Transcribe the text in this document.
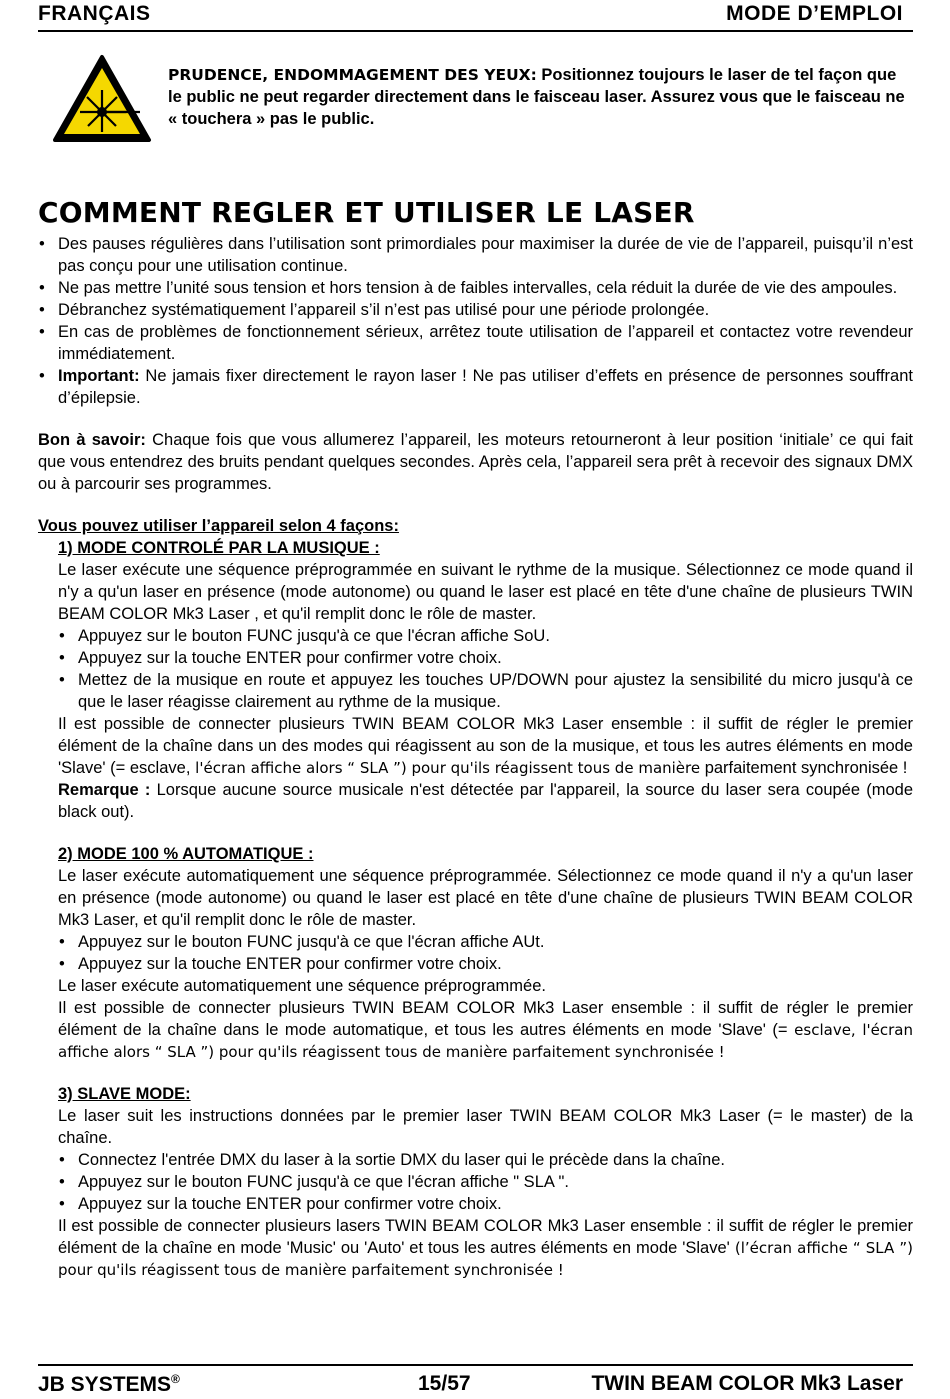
FRANÇAIS	MODE D’EMPLOI
PRUDENCE, ENDOMMAGEMENT DES YEUX: Positionnez toujours le laser de tel façon que le public ne peut regarder directement dans le faisceau laser. Assurez vous que le faisceau ne « touchera » pas le public.
COMMENT REGLER ET UTILISER LE LASER
• Des pauses régulières dans l’utilisation sont primordiales pour maximiser la durée de vie de l’appareil, puisqu’il n’est pas conçu pour une utilisation continue.
• Ne pas mettre l’unité sous tension et hors tension à de faibles intervalles, cela réduit la durée de vie des ampoules.
• Débranchez systématiquement l’appareil s’il n’est pas utilisé pour une période prolongée.
• En cas de problèmes de fonctionnement sérieux, arrêtez toute utilisation de l’appareil et contactez votre revendeur immédiatement.
• Important: Ne jamais fixer directement le rayon laser ! Ne pas utiliser d’effets en présence de personnes souffrant d’épilepsie.
Bon à savoir: Chaque fois que vous allumerez l’appareil, les moteurs retourneront à leur position ‘initiale’ ce qui fait que vous entendrez des bruits pendant quelques secondes. Après cela, l’appareil sera prêt à recevoir des signaux DMX ou à parcourir ses programmes.
Vous pouvez utiliser l’appareil selon 4 façons:
1) MODE CONTROLÉ PAR LA MUSIQUE :
Le laser exécute une séquence préprogrammée en suivant le rythme de la musique. Sélectionnez ce mode quand il n'y a qu'un laser en présence (mode autonome) ou quand le laser est placé en tête d'une chaîne de plusieurs TWIN BEAM COLOR Mk3 Laser , et qu'il remplit donc le rôle de master.
• Appuyez sur le bouton FUNC jusqu'à ce que l'écran affiche SoU.
• Appuyez sur la touche ENTER pour confirmer votre choix.
• Mettez de la musique en route et appuyez les touches UP/DOWN pour ajustez la sensibilité du micro jusqu'à ce que le laser réagisse clairement au rythme de la musique.
Il est possible de connecter plusieurs TWIN BEAM COLOR Mk3 Laser ensemble : il suffit de régler le premier élément de la chaîne dans un des modes qui réagissent au son de la musique, et tous les autres éléments en mode 'Slave' (= esclave, l'écran affiche alors “ SLA ”) pour qu'ils réagissent tous de manière parfaitement synchronisée !
Remarque : Lorsque aucune source musicale n'est détectée par l'appareil, la source du laser sera coupée (mode black out).
2) MODE 100 % AUTOMATIQUE :
Le laser exécute automatiquement une séquence préprogrammée. Sélectionnez ce mode quand il n'y a qu'un laser en présence (mode autonome) ou quand le laser est placé en tête d'une chaîne de plusieurs TWIN BEAM COLOR Mk3 Laser, et qu'il remplit donc le rôle de master.
• Appuyez sur le bouton FUNC jusqu'à ce que l'écran affiche AUt.
• Appuyez sur la touche ENTER pour confirmer votre choix.
Le laser exécute automatiquement une séquence préprogrammée.
Il est possible de connecter plusieurs TWIN BEAM COLOR Mk3 Laser ensemble : il suffit de régler le premier élément de la chaîne dans le mode automatique, et tous les autres éléments en mode 'Slave' (= esclave, l'écran affiche alors “ SLA ”) pour qu'ils réagissent tous de manière parfaitement synchronisée !
3) SLAVE MODE:
Le laser suit les instructions données par le premier laser TWIN BEAM COLOR Mk3 Laser (= le master) de la chaîne.
• Connectez l'entrée DMX du laser à la sortie DMX du laser qui le précède dans la chaîne.
• Appuyez sur le bouton FUNC jusqu'à ce que l'écran affiche " SLA ".
• Appuyez sur la touche ENTER pour confirmer votre choix.
Il est possible de connecter plusieurs lasers TWIN BEAM COLOR Mk3 Laser ensemble : il suffit de régler le premier élément de la chaîne en mode 'Music' ou 'Auto' et tous les autres éléments en mode 'Slave' (l’écran affiche “ SLA ”) pour qu'ils réagissent tous de manière parfaitement synchronisée !
JB SYSTEMS®	15/57	TWIN BEAM COLOR Mk3 Laser
